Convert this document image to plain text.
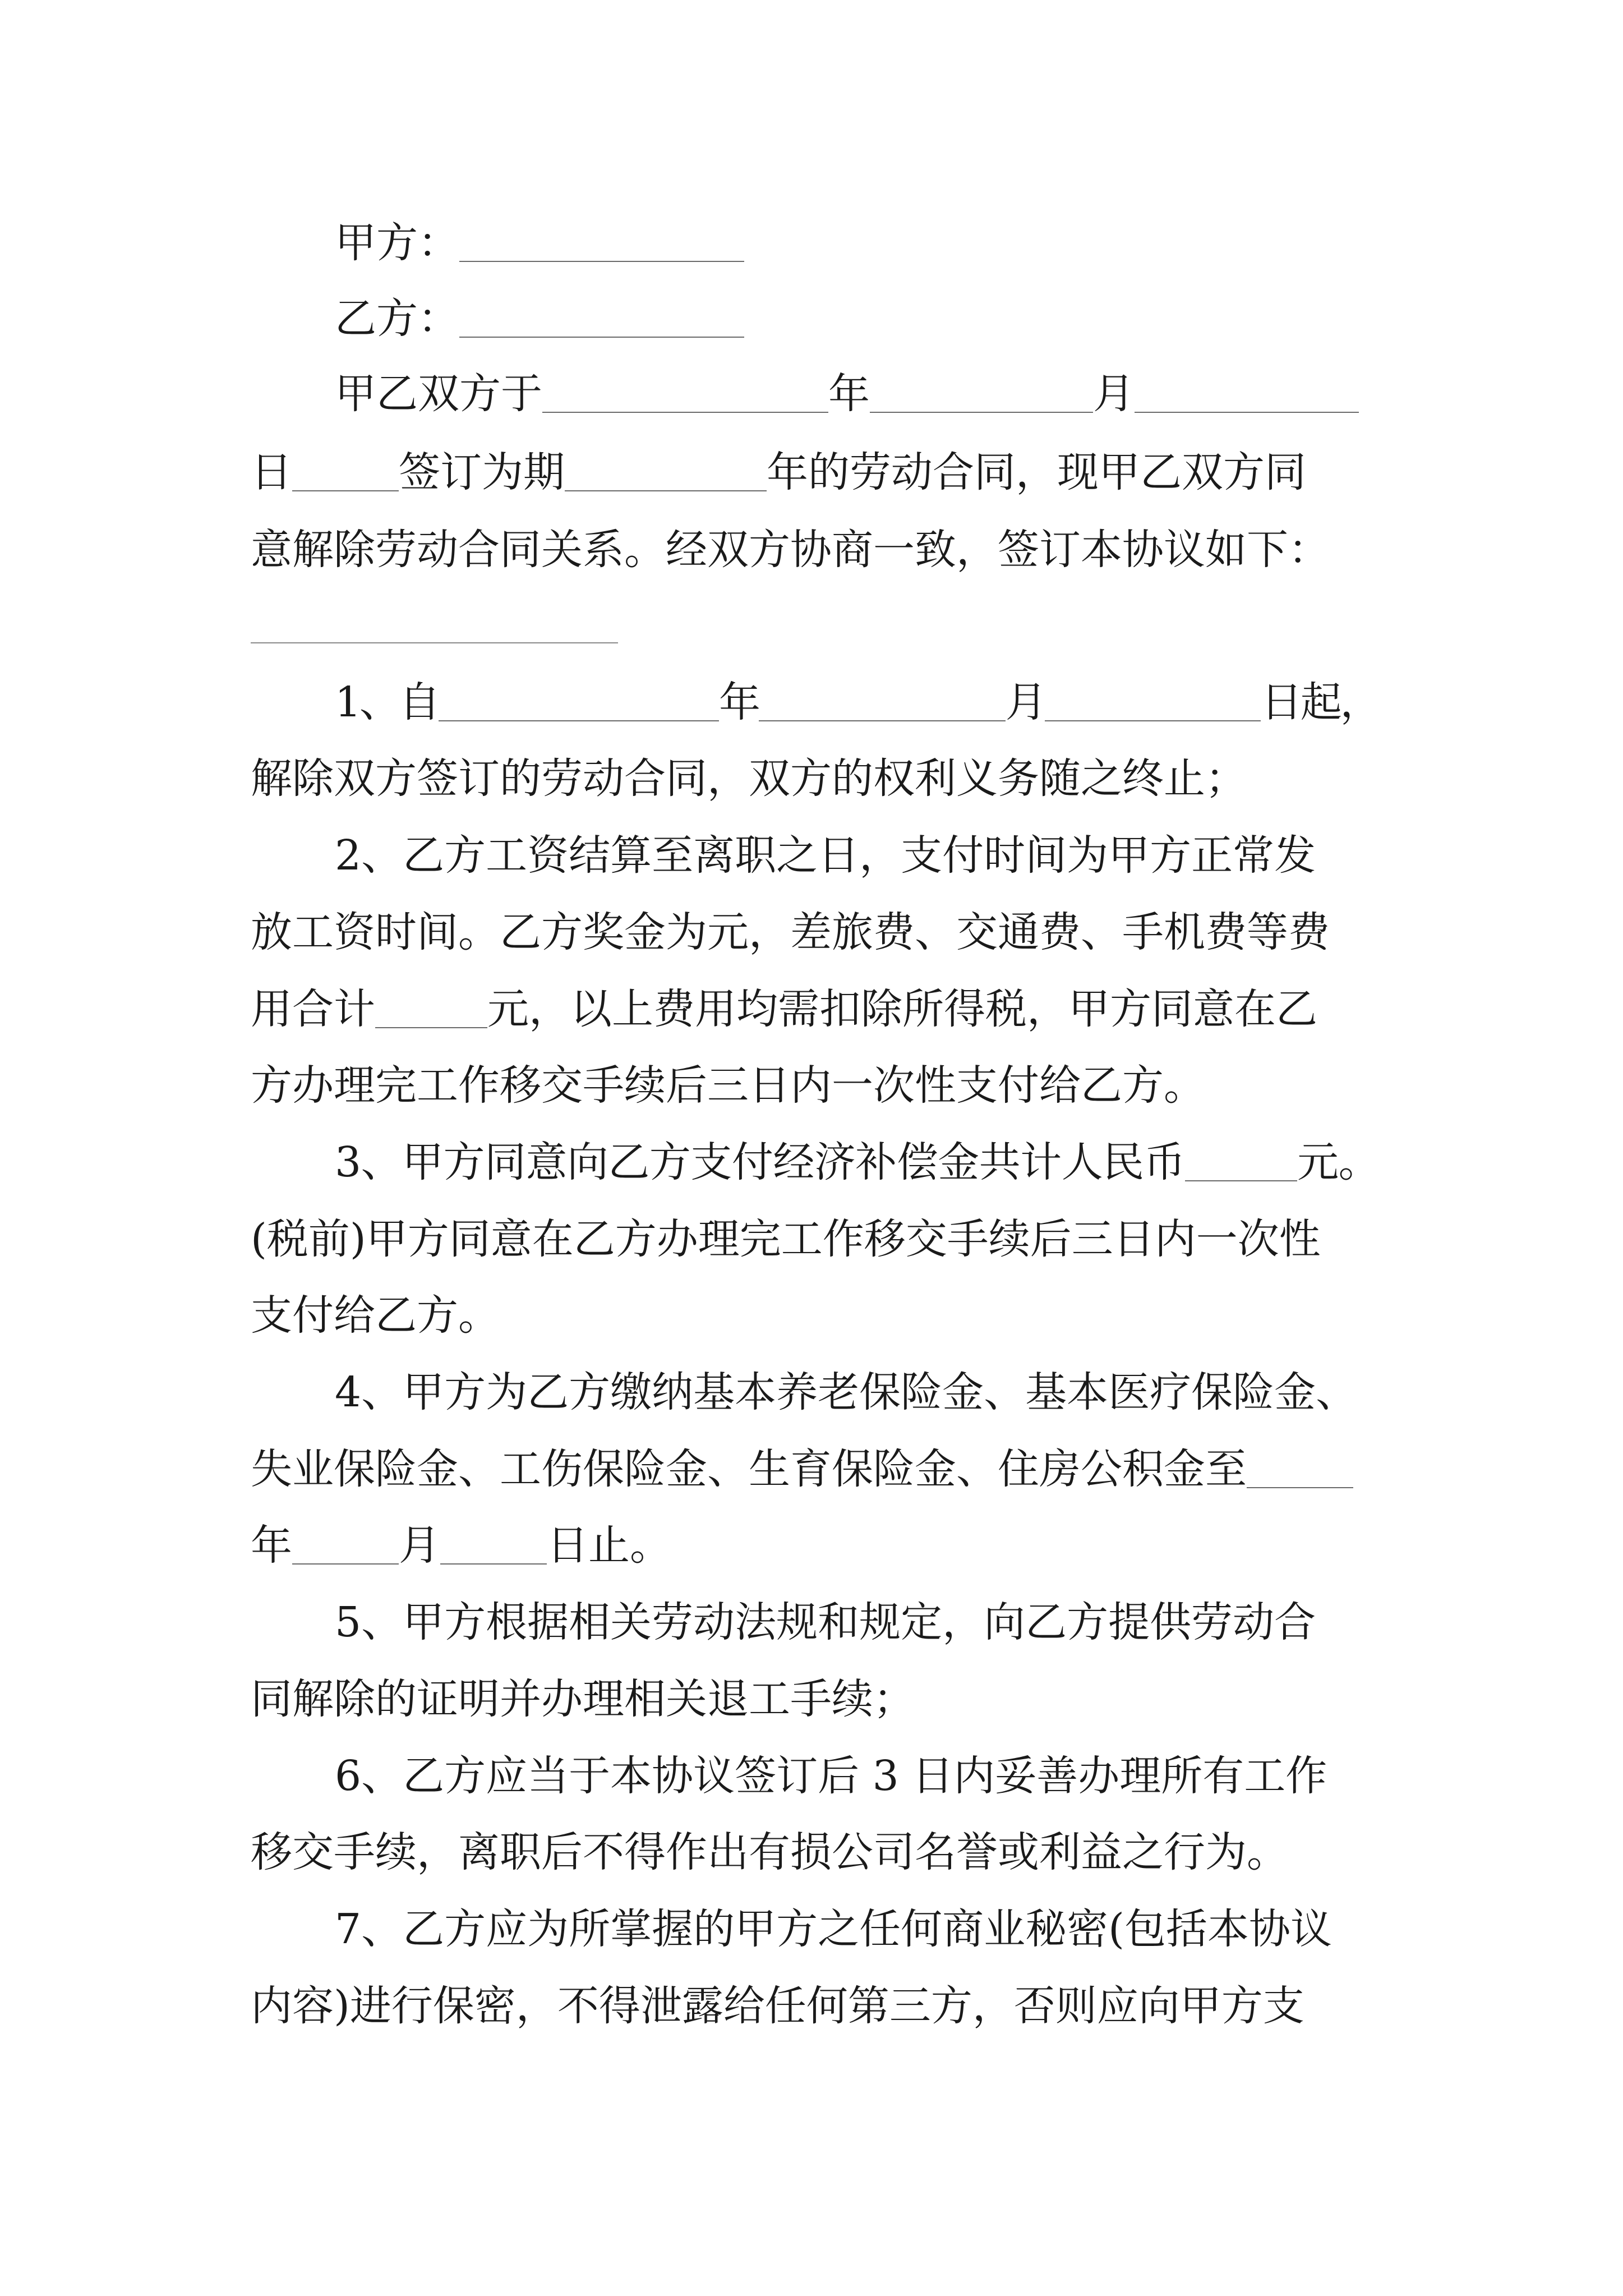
甲方：
乙方：
甲乙双方于	年	月
日	签订为期	年的劳动合同，现甲乙双方同
意解除劳动合同关系。经双方协商一致，签订本协议如下：
1、自	年	月	日起，
解除双方签订的劳动合同，双方的权利义务随之终止；
2、乙方工资结算至离职之日，支付时间为甲方正常发
放工资时间。乙方奖金为元，差旅费、交通费、手机费等费
用合计	元，以上费用均需扣除所得税，甲方同意在乙
方办理完工作移交手续后三日内一次性支付给乙方。
3、甲方同意向乙方支付经济补偿金共计人民币	元。
(税前)甲方同意在乙方办理完工作移交手续后三日内一次性
支付给乙方。
4、甲方为乙方缴纳基本养老保险金、基本医疗保险金、
失业保险金、工伤保险金、生育保险金、住房公积金至
年	月	日止。
5、甲方根据相关劳动法规和规定，向乙方提供劳动合
同解除的证明并办理相关退工手续；
6、乙方应当于本协议签订后 3 日内妥善办理所有工作
移交手续，离职后不得作出有损公司名誉或利益之行为。
7、乙方应为所掌握的甲方之任何商业秘密(包括本协议
内容)进行保密，不得泄露给任何第三方，否则应向甲方支
